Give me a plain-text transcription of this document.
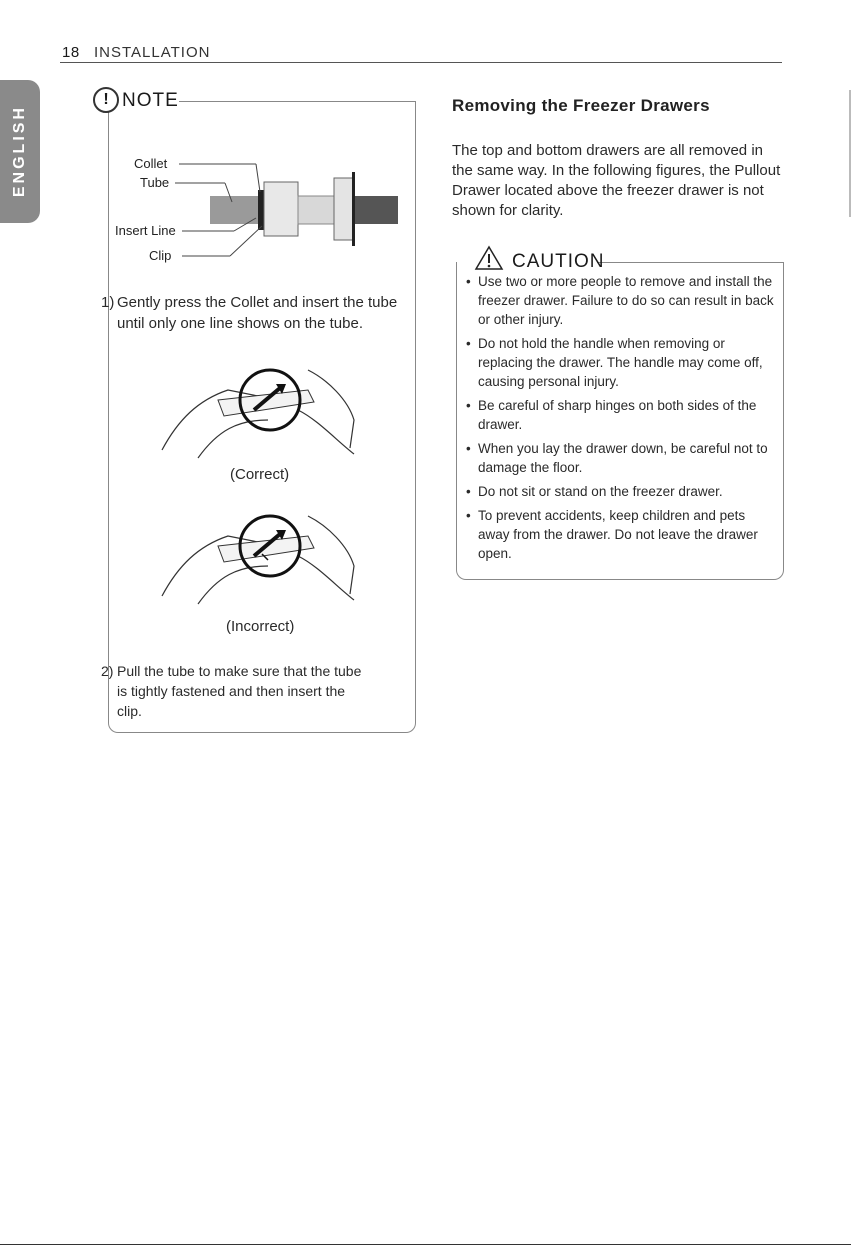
18 INSTALLATION
ENGLISH
! NOTE
Collet
Tube
Insert Line
Clip
1) Gently press the Collet and insert the tube until only one line shows on the tube.
(Correct)
(Incorrect)
2) Pull the tube to make sure that the tube is tightly fastened and then insert the clip.
Removing the Freezer Drawers
The top and bottom drawers are all removed in the same way. In the following figures, the Pullout Drawer located above the freezer drawer is not shown for clarity.
CAUTION
• Use two or more people to remove and install the freezer drawer. Failure to do so can result in back or other injury.
• Do not hold the handle when removing or replacing the drawer. The handle may come off, causing personal injury.
• Be careful of sharp hinges on both sides of the drawer.
• When you lay the drawer down, be careful not to damage the floor.
• Do not sit or stand on the freezer drawer.
• To prevent accidents, keep children and pets away from the drawer. Do not leave the drawer open.
